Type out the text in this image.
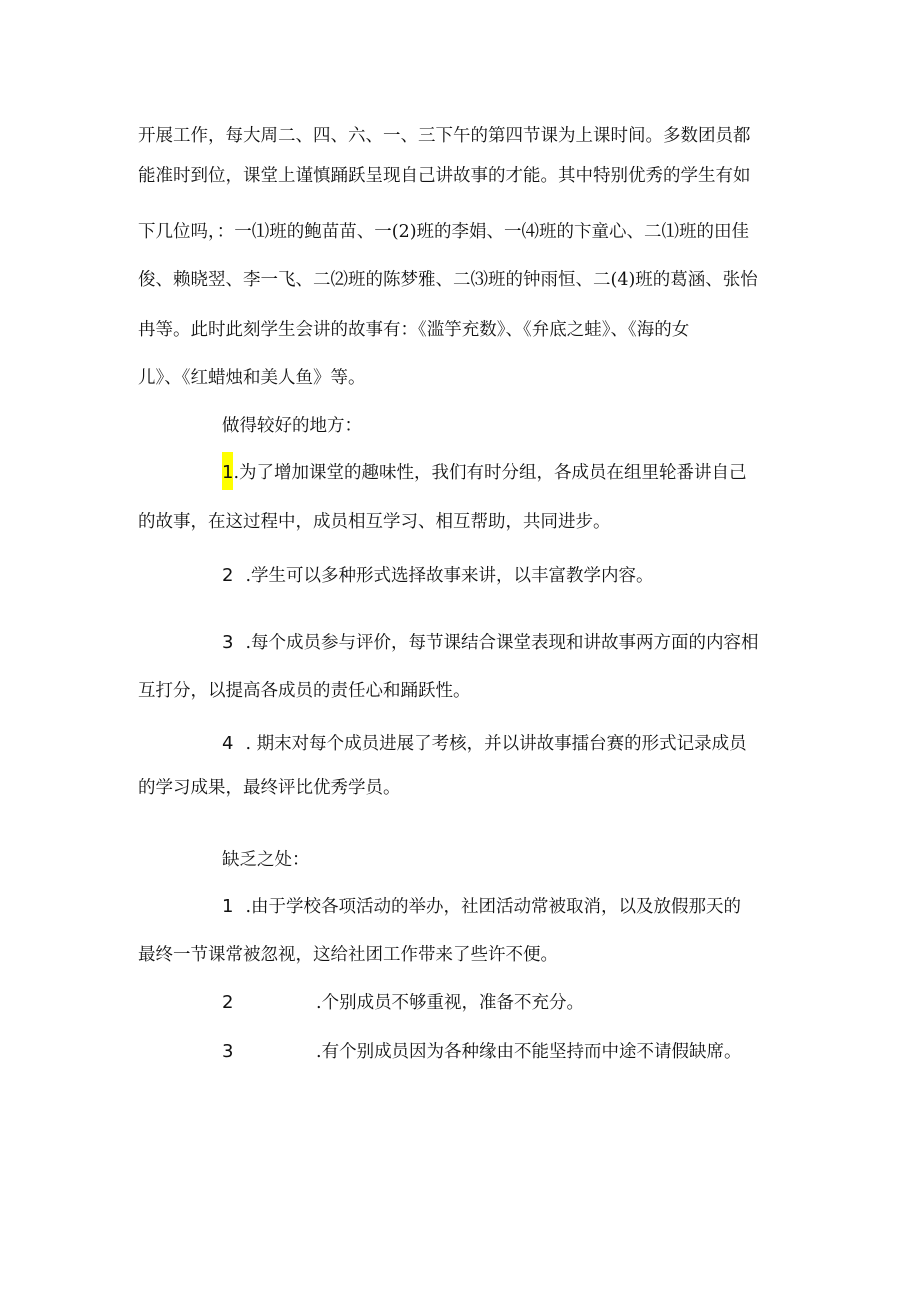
开展工作，每大周二、四、六、一、三下午的第四节课为上课时间。多数团员都

能准时到位，课堂上谨慎踊跃呈现自己讲故事的才能。其中特别优秀的学生有如

下几位吗，：一⑴班的鲍苗苗、一(2)班的李娟、一⑷班的卞童心、二⑴班的田佳

俊、赖晓翌、李一飞、二⑵班的陈梦雅、二⑶班的钟雨恒、二(4)班的葛涵、张怡

冉等。此时此刻学生会讲的故事有：《滥竽充数》、《弁底之蛙》、《海的女

儿》、《红蜡烛和美人鱼》等。

做得较好的地方：

1.为了增加课堂的趣味性，我们有时分组，各成员在组里轮番讲自己

的故事，在这过程中，成员相互学习、相互帮助，共同进步。

2 .学生可以多种形式选择故事来讲，以丰富教学内容。

3 .每个成员参与评价，每节课结合课堂表现和讲故事两方面的内容相

互打分，以提高各成员的责任心和踊跃性。

4 . 期末对每个成员进展了考核，并以讲故事擂台赛的形式记录成员

的学习成果，最终评比优秀学员。

缺乏之处：

1 .由于学校各项活动的举办，社团活动常被取消，以及放假那天的

最终一节课常被忽视，这给社团工作带来了些许不便。

2	.个别成员不够重视，准备不充分。

3	.有个别成员因为各种缘由不能坚持而中途不请假缺席。
